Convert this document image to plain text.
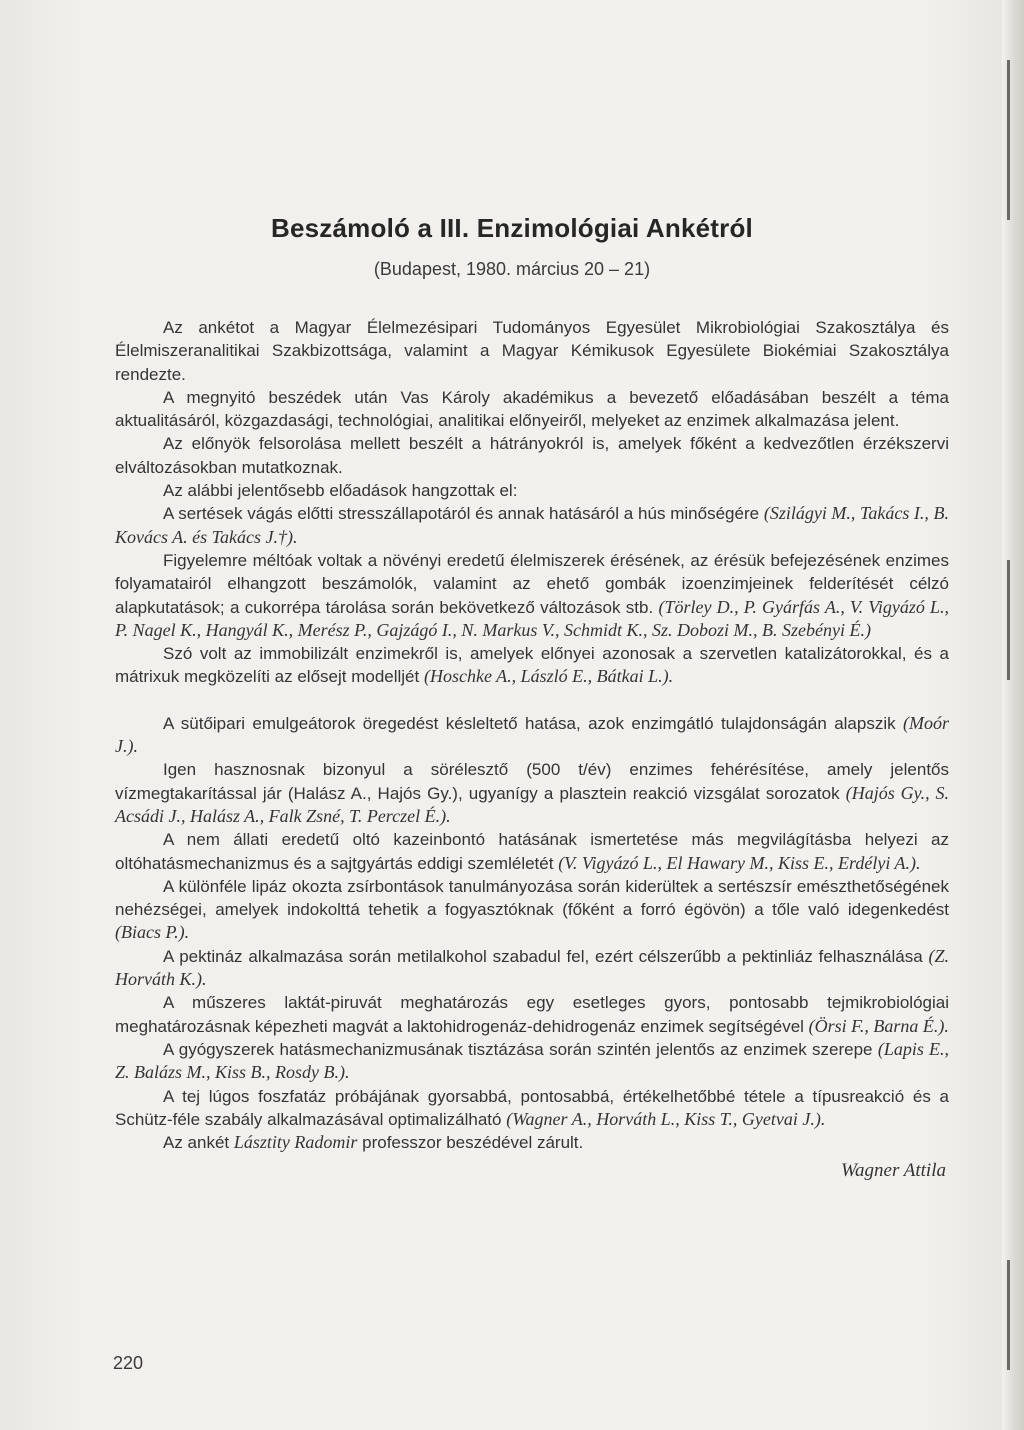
Beszámoló a III. Enzimológiai Ankétról
(Budapest, 1980. március 20 – 21)

Az ankétot a Magyar Élelmezésipari Tudományos Egyesület Mikrobiológiai Szakosztálya és Élelmiszeranalitikai Szakbizottsága, valamint a Magyar Kémikusok Egyesülete Biokémiai Szakosztálya rendezte.

A megnyitó beszédek után Vas Károly akadémikus a bevezető előadásában beszélt a téma aktualitásáról, közgazdasági, technológiai, analitikai előnyeiről, melyeket az enzimek alkalmazása jelent.

Az előnyök felsorolása mellett beszélt a hátrányokról is, amelyek főként a kedvezőtlen érzékszervi elváltozásokban mutatkoznak.

Az alábbi jelentősebb előadások hangzottak el:

A sertések vágás előtti stresszállapotáról és annak hatásáról a hús minőségére (Szilágyi M., Takács I., B. Kovács A. és Takács J.†).

Figyelemre méltóak voltak a növényi eredetű élelmiszerek érésének, az érésük befejezésének enzimes folyamatairól elhangzott beszámolók, valamint az ehető gombák izoenzimjeinek felderítését célzó alapkutatások; a cukorrépa tárolása során bekövetkező változások stb. (Törley D., P. Gyárfás A., V. Vigyázó L., P. Nagel K., Hangyál K., Merész P., Gajzágó I., N. Markus V., Schmidt K., Sz. Dobozi M., B. Szebényi É.)

Szó volt az immobilizált enzimekről is, amelyek előnyei azonosak a szervetlen katalizátorokkal, és a mátrixuk megközelíti az elősejt modelljét (Hoschke A., László E., Bátkai L.).

A sütőipari emulgeátorok öregedést késleltető hatása, azok enzimgátló tulajdonságán alapszik (Moór J.).

Igen hasznosnak bizonyul a sörélesztő (500 t/év) enzimes fehérésítése, amely jelentős vízmegtakarítással jár (Halász A., Hajós Gy.), ugyanígy a plasztein reakció vizsgálat sorozatok (Hajós Gy., S. Acsádi J., Halász A., Falk Zsné, T. Perczel É.).

A nem állati eredetű oltó kazeinbontó hatásának ismertetése más megvilágításba helyezi az oltóhatásmechanizmus és a sajtgyártás eddigi szemléletét (V. Vigyázó L., El Hawary M., Kiss E., Erdélyi A.).

A különféle lipáz okozta zsírbontások tanulmányozása során kiderültek a sertészsír emészthetőségének nehézségei, amelyek indokolttá tehetik a fogyasztóknak (főként a forró égövön) a tőle való idegenkedést (Biacs P.).

A pektináz alkalmazása során metilalkohol szabadul fel, ezért célszerűbb a pektinliáz felhasználása (Z. Horváth K.).

A műszeres laktát-piruvát meghatározás egy esetleges gyors, pontosabb tejmikrobiológiai meghatározásnak képezheti magvát a laktohidrogenáz-dehidrogenáz enzimek segítségével (Örsi F., Barna É.).

A gyógyszerek hatásmechanizmusának tisztázása során szintén jelentős az enzimek szerepe (Lapis E., Z. Balázs M., Kiss B., Rosdy B.).

A tej lúgos foszfatáz próbájának gyorsabbá, pontosabbá, értékelhetőbbé tétele a típusreakció és a Schütz-féle szabály alkalmazásával optimalizálható (Wagner A., Horváth L., Kiss T., Gyetvai J.).

Az ankét Lásztity Radomir professzor beszédével zárult.

Wagner Attila
220
